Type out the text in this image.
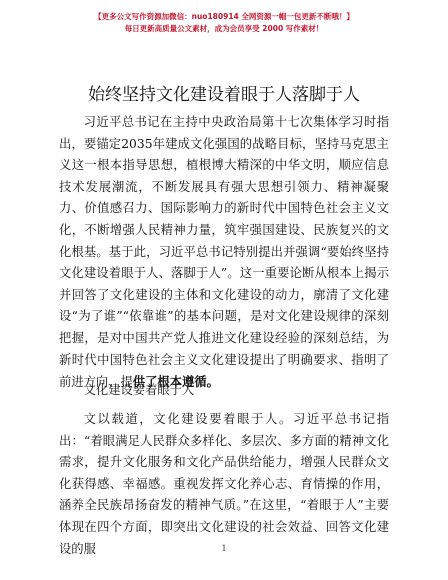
【更多公文写作资源加微信：nuo180914 全网资源一帽一包更新不断哦！】
每日更新高质量公文素材，成为会员享受 2000 写作素材！
始终坚持文化建设着眼于人落脚于人

习近平总书记在主持中央政治局第十七次集体学习时指出，要锚定2035年建成文化强国的战略目标，坚持马克思主义这一根本指导思想，植根博大精深的中华文明，顺应信息技术发展潮流，不断发展具有强大思想引领力、精神凝聚力、价值感召力、国际影响力的新时代中国特色社会主义文化，不断增强人民精神力量，筑牢强国建设、民族复兴的文化根基。基于此，习近平总书记特别提出并强调“要始终坚持文化建设着眼于人、落脚于人”。这一重要论断从根本上揭示并回答了文化建设的主体和文化建设的动力，廓清了文化建设“为了谁”“依靠谁”的基本问题，是对文化建设规律的深刻把握，是对中国共产党人推进文化建设经验的深刻总结，为新时代中国特色社会主义文化建设提出了明确要求、指明了前进方向、提供了根本遵循。

文化建设要着眼于人

文以载道，文化建设要着眼于人。习近平总书记指出：“着眼满足人民群众多样化、多层次、多方面的精神文化需求，提升文化服务和文化产品供给能力，增强人民群众文化获得感、幸福感。重视发挥文化养心志、育情操的作用，涵养全民族昂扬奋发的精神气质。”在这里，“着眼于人”主要体现在四个方面，即突出文化建设的社会效益、回答文化建设的服	1
